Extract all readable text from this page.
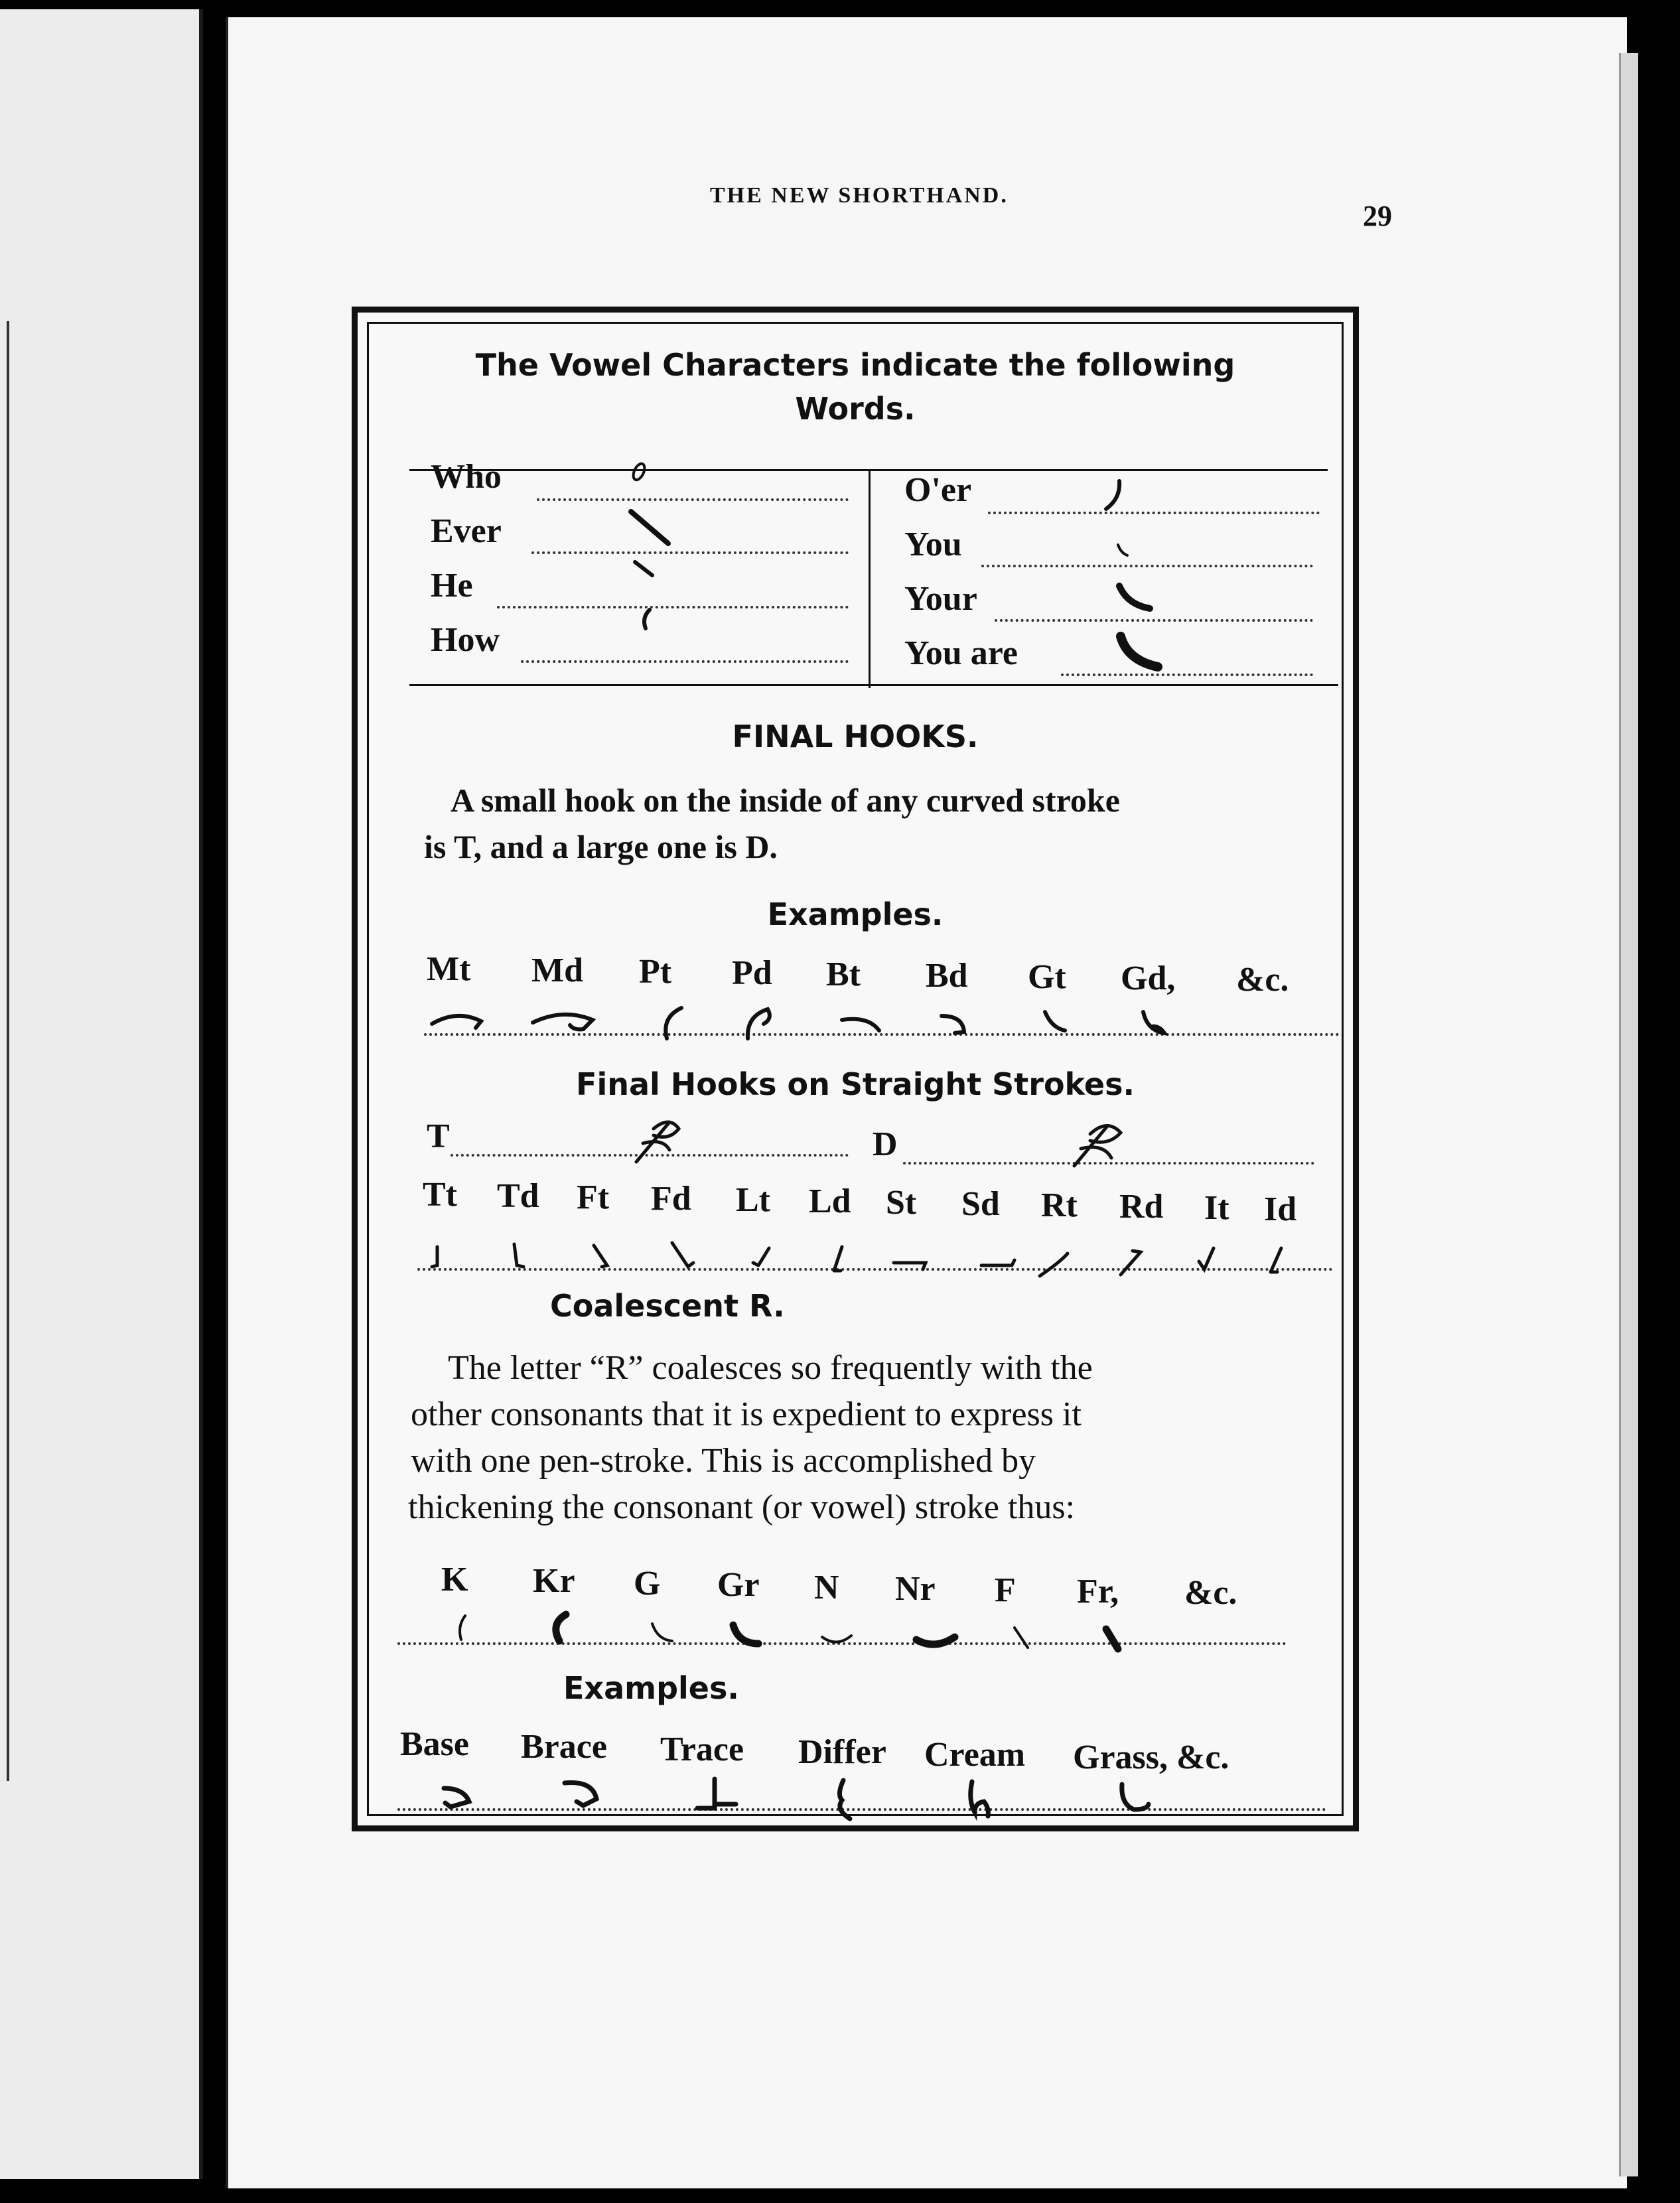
THE NEW SHORTHAND.
29
The Vowel Characters indicate the following
Words.
Who
Ever
He
How
O'er
You
Your
You are
FINAL HOOKS.
A small hook on the inside of any curved stroke
is T, and a large one is D.
Examples.
Mt Md Pt Pd Bt Bd Gt Gd, &c.
Final Hooks on Straight Strokes.
T	D
Tt Td Ft Fd Lt Ld St Sd Rt Rd It Id
Coalescent R.
The letter “R” coalesces so frequently with the
other consonants that it is expedient to express it
with one pen-stroke. This is accomplished by
thickening the consonant (or vowel) stroke thus:
K Kr G Gr N Nr F Fr, &c.
Examples.
Base Brace Trace Differ Cream Grass, &c.
